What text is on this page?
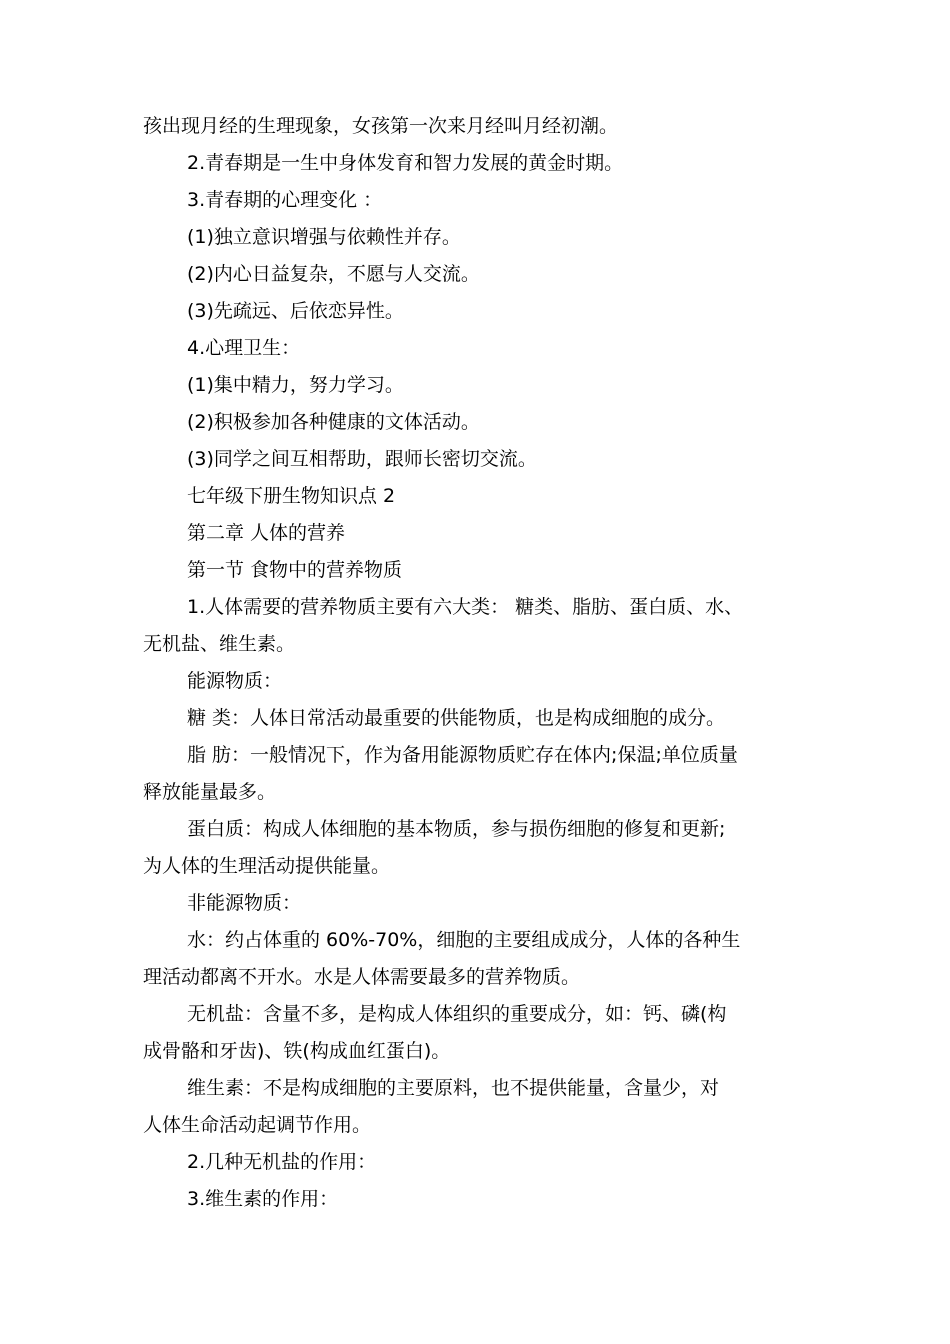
孩出现月经的生理现象，女孩第一次来月经叫月经初潮。

2.青春期是一生中身体发育和智力发展的黄金时期。

3.青春期的心理变化 ：

(1)独立意识增强与依赖性并存。

(2)内心日益复杂，不愿与人交流。

(3)先疏远、后依恋异性。

4.心理卫生：

(1)集中精力，努力学习。

(2)积极参加各种健康的文体活动。

(3)同学之间互相帮助，跟师长密切交流。

七年级下册生物知识点 2

第二章 人体的营养

第一节 食物中的营养物质

1.人体需要的营养物质主要有六大类： 糖类、脂肪、蛋白质、水、

无机盐、维生素。

能源物质：

糖 类：人体日常活动最重要的供能物质，也是构成细胞的成分。

脂 肪：一般情况下，作为备用能源物质贮存在体内;保温;单位质量

释放能量最多。

蛋白质：构成人体细胞的基本物质，参与损伤细胞的修复和更新;

为人体的生理活动提供能量。

非能源物质：

水：约占体重的 60%-70%，细胞的主要组成成分，人体的各种生

理活动都离不开水。水是人体需要最多的营养物质。

无机盐：含量不多，是构成人体组织的重要成分，如：钙、磷(构

成骨骼和牙齿)、铁(构成血红蛋白)。

维生素：不是构成细胞的主要原料，也不提供能量，含量少，对

人体生命活动起调节作用。

2.几种无机盐的作用：

3.维生素的作用：
